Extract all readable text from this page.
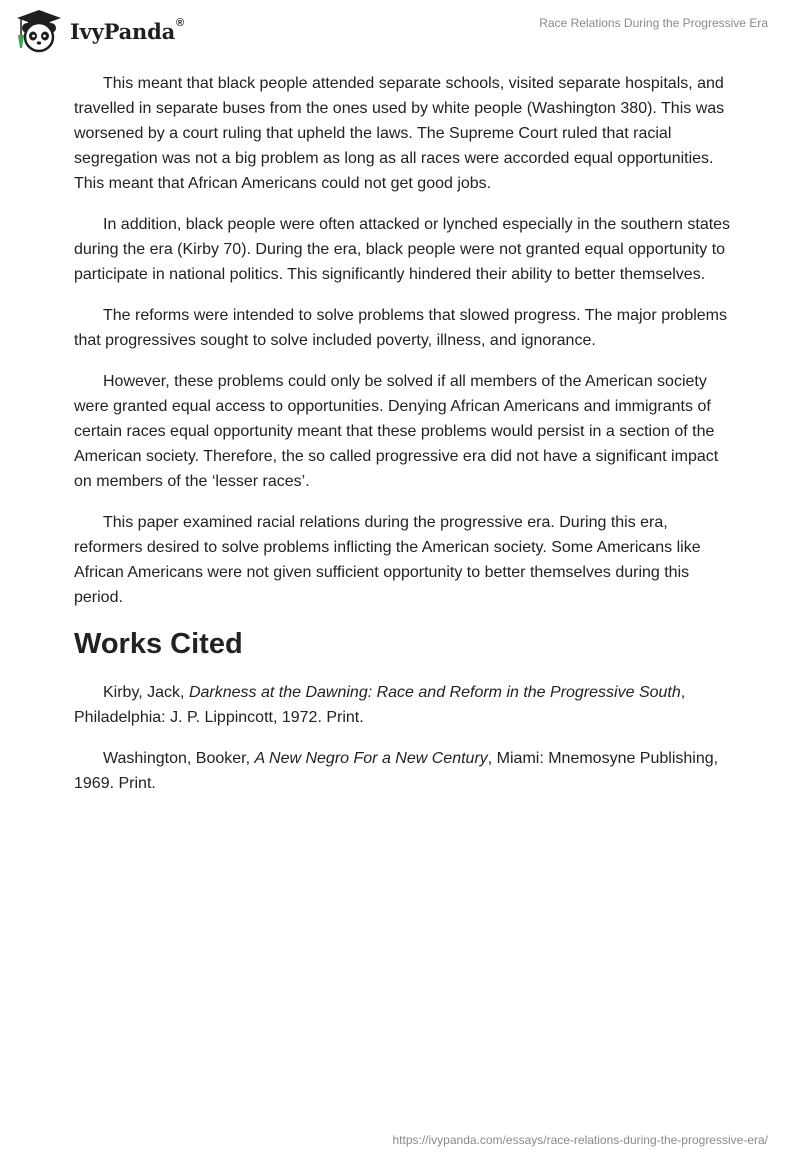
IvyPanda®	Race Relations During the Progressive Era

This meant that black people attended separate schools, visited separate hospitals, and travelled in separate buses from the ones used by white people (Washington 380). This was worsened by a court ruling that upheld the laws. The Supreme Court ruled that racial segregation was not a big problem as long as all races were accorded equal opportunities. This meant that African Americans could not get good jobs.

In addition, black people were often attacked or lynched especially in the southern states during the era (Kirby 70). During the era, black people were not granted equal opportunity to participate in national politics. This significantly hindered their ability to better themselves.

The reforms were intended to solve problems that slowed progress. The major problems that progressives sought to solve included poverty, illness, and ignorance.

However, these problems could only be solved if all members of the American society were granted equal access to opportunities. Denying African Americans and immigrants of certain races equal opportunity meant that these problems would persist in a section of the American society. Therefore, the so called progressive era did not have a significant impact on members of the ‘lesser races’.

This paper examined racial relations during the progressive era. During this era, reformers desired to solve problems inflicting the American society. Some Americans like African Americans were not given sufficient opportunity to better themselves during this period.

Works Cited

Kirby, Jack, Darkness at the Dawning: Race and Reform in the Progressive South, Philadelphia: J. P. Lippincott, 1972. Print.

Washington, Booker, A New Negro For a New Century, Miami: Mnemosyne Publishing, 1969. Print.

https://ivypanda.com/essays/race-relations-during-the-progressive-era/
